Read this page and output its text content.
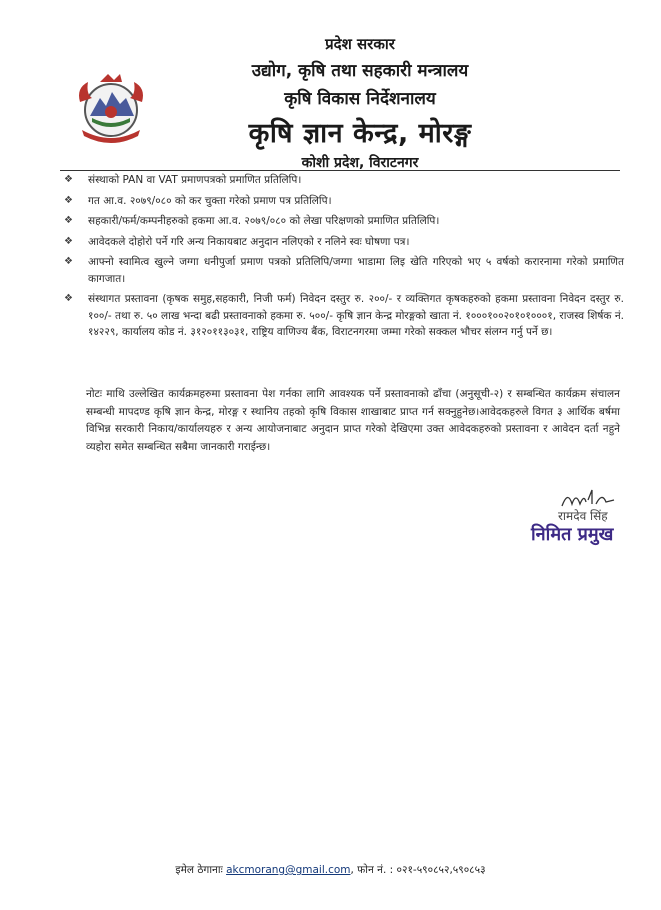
प्रदेश सरकार
उद्योग, कृषि तथा सहकारी मन्त्रालय
कृषि विकास निर्देशनालय
कृषि ज्ञान केन्द्र, मोरङ्ग
कोशी प्रदेश, विराटनगर
❖ संस्थाको PAN वा VAT प्रमाणपत्रको प्रमाणित प्रतिलिपि।
❖ गत आ.व. २०७९/०८० को कर चुक्ता गरेको प्रमाण पत्र प्रतिलिपि।
❖ सहकारी/फर्म/कम्पनीहरुको हकमा आ.व. २०७९/०८० को लेखा परिक्षणको प्रमाणित प्रतिलिपि।
❖ आवेदकले दोहोरो पर्ने गरि अन्य निकायबाट अनुदान नलिएको र नलिने स्वः घोषणा पत्र।
❖ आफ्नो स्वामित्व खुल्ने जग्गा धनीपुर्जा प्रमाण पत्रको प्रतिलिपि/जग्गा भाडामा लिइ खेति गरिएको भए ५ वर्षको करारनामा गरेको प्रमाणित कागजात।
❖ संस्थागत प्रस्तावना (कृषक समुह,सहकारी, निजी फर्म) निवेदन दस्तुर रु. २००/- र व्यक्तिगत कृषकहरुको हकमा प्रस्तावना निवेदन दस्तुर रु. १००/- तथा रु. ५० लाख भन्दा बढी प्रस्तावनाको हकमा रु. ५००/- कृषि ज्ञान केन्द्र मोरङ्गको खाता नं. १०००१००२०१०१०००१, राजस्व शिर्षक नं. १४२२९, कार्यालय कोड नं. ३१२०११३०३१, राष्ट्रिय वाणिज्य बैंक, विराटनगरमा जम्मा गरेको सक्कल भौचर संलग्न गर्नु पर्ने छ।
नोटः माथि उल्लेखित कार्यक्रमहरुमा प्रस्तावना पेश गर्नका लागि आवश्यक पर्ने प्रस्तावनाको ढाँचा (अनुसूची-२) र सम्बन्धित कार्यक्रम संचालन सम्बन्धी मापदण्ड कृषि ज्ञान केन्द्र, मोरङ्ग र स्थानिय तहको कृषि विकास शाखाबाट प्राप्त गर्न सक्नुहुनेछ।आवेदकहरुले विगत ३ आर्थिक बर्षमा विभिन्न सरकारी निकाय/कार्यालयहरु र अन्य आयोजनाबाट अनुदान प्राप्त गरेको देखिएमा उक्त आवेदकहरुको प्रस्तावना र आवेदन दर्ता नहुने व्यहोरा समेत सम्बन्धित सबैमा जानकारी गराईन्छ।
रामदेव सिंह
निमित प्रमुख
इमेल ठेगानाः akcmorang@gmail.com, फोन नं. : ०२१-५९०८५२,५९०८५३
